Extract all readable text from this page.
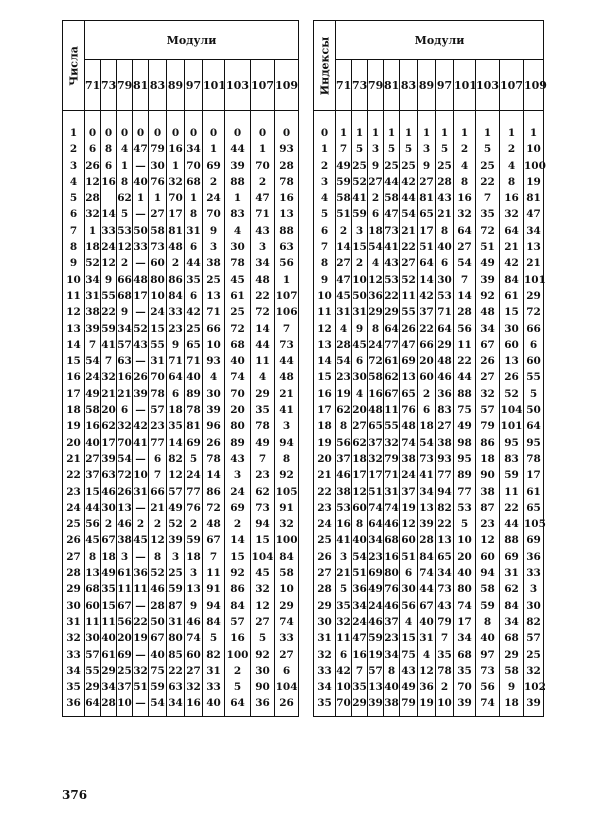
Числа	Модули										
	71	73	79	81	83	89	97	101	103	107	109

1	0	0	0	0	0	0	0	0	0	0	0
2	6	8	4	47	79	16	34	1	44	1	93
3	26	6	1	—	30	1	70	69	39	70	28
4	12	16	8	40	76	32	68	2	88	2	78
5	28		62	1	1	70	1	24	1	47	16
6	32	14	5	—	27	17	8	70	83	71	13
7	1	33	53	50	58	81	31	9	4	43	88
8	18	24	12	33	73	48	6	3	30	3	63
9	52	12	2	—	60	2	44	38	78	34	56
10	34	9	66	48	80	86	35	25	45	48	1
11	31	55	68	17	10	84	6	13	61	22	107
12	38	22	9	—	24	33	42	71	25	72	106
13	39	59	34	52	15	23	25	66	72	14	7
14	7	41	57	43	55	9	65	10	68	44	73
15	54	7	63	—	31	71	71	93	40	11	44
16	24	32	16	26	70	64	40	4	74	4	48
17	49	21	21	39	78	6	89	30	70	29	21
18	58	20	6	—	57	18	78	39	20	35	41
19	16	62	32	42	23	35	81	96	80	78	3
20	40	17	70	41	77	14	69	26	89	49	94
21	27	39	54	—	6	82	5	78	43	7	8
22	37	63	72	10	7	12	24	14	3	23	92
23	15	46	26	31	66	57	77	86	24	62	105
24	44	30	13	—	21	49	76	72	69	73	91
25	56	2	46	2	2	52	2	48	2	94	32
26	45	67	38	45	12	39	59	67	14	15	100
27	8	18	3	—	8	3	18	7	15	104	84
28	13	49	61	36	52	25	3	11	92	45	58
29	68	35	11	11	46	59	13	91	86	32	10
30	60	15	67	—	28	87	9	94	84	12	29
31	11	11	56	22	50	31	46	84	57	27	74
32	30	40	20	19	67	80	74	5	16	5	33
33	57	61	69	—	40	85	60	82	100	92	27
34	55	29	25	32	75	22	27	31	2	30	6
35	29	34	37	51	59	63	32	33	5	90	104
36	64	28	10	—	54	34	16	40	64	36	26

Индексы	Модули										
	71	73	79	81	83	89	97	101	103	107	109

0	1	1	1	1	1	1	1	1	1	1	1
1	7	5	3	5	5	3	5	2	5	2	10
2	49	25	9	25	25	9	25	4	25	4	100
3	59	52	27	44	42	27	28	8	22	8	19
4	58	41	2	58	44	81	43	16	7	16	81
5	51	59	6	47	54	65	21	32	35	32	47
6	2	3	18	73	21	17	8	64	72	64	34
7	14	15	54	41	22	51	40	27	51	21	13
8	27	2	4	43	27	64	6	54	49	42	21
9	47	10	12	53	52	14	30	7	39	84	101
10	45	50	36	22	11	42	53	14	92	61	29
11	31	31	29	29	55	37	71	28	48	15	72
12	4	9	8	64	26	22	64	56	34	30	66
13	28	45	24	77	47	66	29	11	67	60	6
14	54	6	72	61	69	20	48	22	26	13	60
15	23	30	58	62	13	60	46	44	27	26	55
16	19	4	16	67	65	2	36	88	32	52	5
17	62	20	48	11	76	6	83	75	57	104	50
18	8	27	65	55	48	18	27	49	79	101	64
19	56	62	37	32	74	54	38	98	86	95	95
20	37	18	32	79	38	73	93	95	18	83	78
21	46	17	17	71	24	41	77	89	90	59	17
22	38	12	51	31	37	34	94	77	38	11	61
23	53	60	74	74	19	13	82	53	87	22	65
24	16	8	64	46	12	39	22	5	23	44	105
25	41	40	34	68	60	28	13	10	12	88	69
26	3	54	23	16	51	84	65	20	60	69	36
27	21	51	69	80	6	74	34	40	94	31	33
28	5	36	49	76	30	44	73	80	58	62	3
29	35	34	24	46	56	67	43	74	59	84	30
30	32	24	46	37	4	40	79	17	8	34	82
31	11	47	59	23	15	31	7	34	40	68	57
32	6	16	19	34	75	4	35	68	97	29	25
33	42	7	57	8	43	12	78	35	73	58	32
34	10	35	13	40	49	36	2	70	56	9	102
35	70	29	39	38	79	19	10	39	74	18	39

376
